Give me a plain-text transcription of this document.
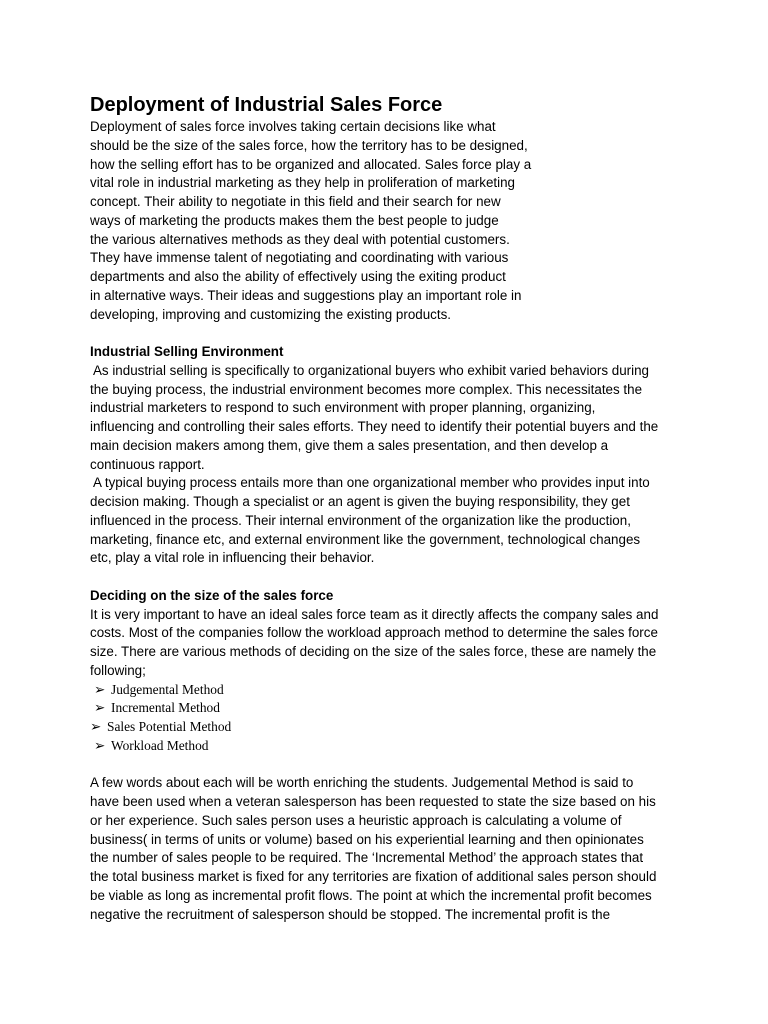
Deployment of Industrial Sales Force

Deployment of sales force involves taking certain decisions like what
should be the size of the sales force, how the territory has to be designed,
how the selling effort has to be organized and allocated. Sales force play a
vital role in industrial marketing as they help in proliferation of marketing
concept. Their ability to negotiate in this field and their search for new
ways of marketing the products makes them the best people to judge
the various alternatives methods as they deal with potential customers.
They have immense talent of negotiating and coordinating with various
departments and also the ability of effectively using the exiting product
in alternative ways. Their ideas and suggestions play an important role in
developing, improving and customizing the existing products.

Industrial Selling Environment

As industrial selling is specifically to organizational buyers who exhibit varied behaviors during
the buying process, the industrial environment becomes more complex. This necessitates the
industrial marketers to respond to such environment with proper planning, organizing,
influencing and controlling their sales efforts. They need to identify their potential buyers and the
main decision makers among them, give them a sales presentation, and then develop a
continuous rapport.
A typical buying process entails more than one organizational member who provides input into
decision making. Though a specialist or an agent is given the buying responsibility, they get
influenced in the process. Their internal environment of the organization like the production,
marketing, finance etc, and external environment like the government, technological changes
etc, play a vital role in influencing their behavior.

Deciding on the size of the sales force

It is very important to have an ideal sales force team as it directly affects the company sales and
costs. Most of the companies follow the workload approach method to determine the sales force
size. There are various methods of deciding on the size of the sales force, these are namely the
following;

➢ Judgemental Method
➢ Incremental Method
➢ Sales Potential Method
➢ Workload Method

A few words about each will be worth enriching the students. Judgemental Method is said to
have been used when a veteran salesperson has been requested to state the size based on his
or her experience. Such sales person uses a heuristic approach is calculating a volume of
business( in terms of units or volume) based on his experiential learning and then opinionates
the number of sales people to be required. The ‘Incremental Method’ the approach states that
the total business market is fixed for any territories are fixation of additional sales person should
be viable as long as incremental profit flows. The point at which the incremental profit becomes
negative the recruitment of salesperson should be stopped. The incremental profit is the
